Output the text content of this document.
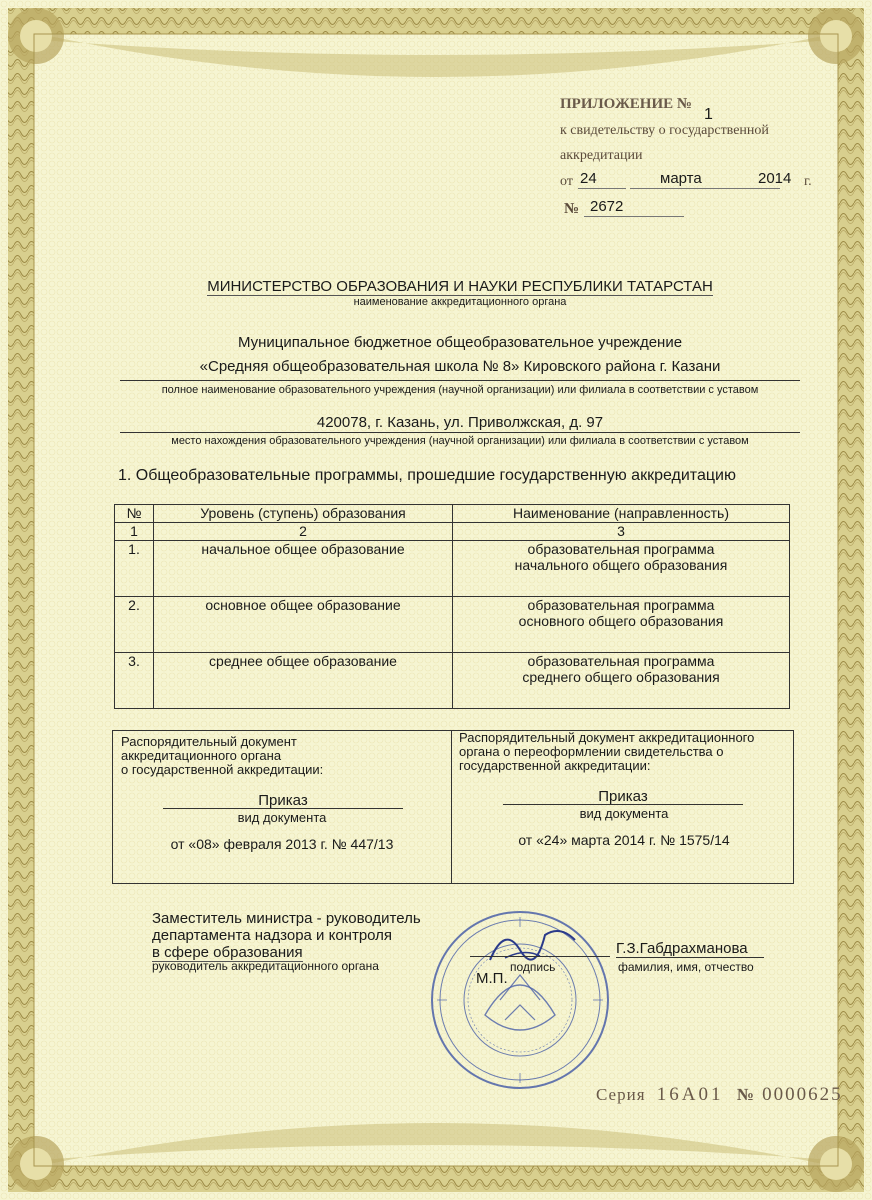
ПРИЛОЖЕНИЕ №
1
к свидетельству о государственной
аккредитации
от 24	марта	2014 г.
№ 2672
МИНИСТЕРСТВО ОБРАЗОВАНИЯ И НАУКИ РЕСПУБЛИКИ ТАТАРСТАН
наименование аккредитационного органа
Муниципальное бюджетное общеобразовательное учреждение
«Средняя общеобразовательная школа № 8» Кировского района г. Казани
полное наименование образовательного учреждения (научной организации) или филиала в соответствии с уставом
420078, г. Казань, ул. Приволжская, д. 97
место нахождения образовательного учреждения (научной организации) или филиала в соответствии с уставом
1. Общеобразовательные программы, прошедшие государственную аккредитацию
№	Уровень (ступень) образования	Наименование (направленность)
1	2	3
1.	начальное общее образование	образовательная программа
начального общего образования

2.	основное общее образование	образовательная программа
основного общего образования

3.	среднее общее образование	образовательная программа
среднего общего образования
Распорядительный документ
аккредитационного органа
о государственной аккредитации:
Приказ
вид документа
от «08» февраля 2013 г. № 447/13
Распорядительный документ аккредитационного
органа о переоформлении свидетельства о
государственной аккредитации:
Приказ
вид документа
от «24» марта 2014 г. № 1575/14
Заместитель министра - руководитель
департамента надзора и контроля
в сфере образования
руководитель аккредитационного органа	подпись
М.П.
Г.З.Габдрахманова
фамилия, имя, отчество
Серия 16А01 № 0000625
